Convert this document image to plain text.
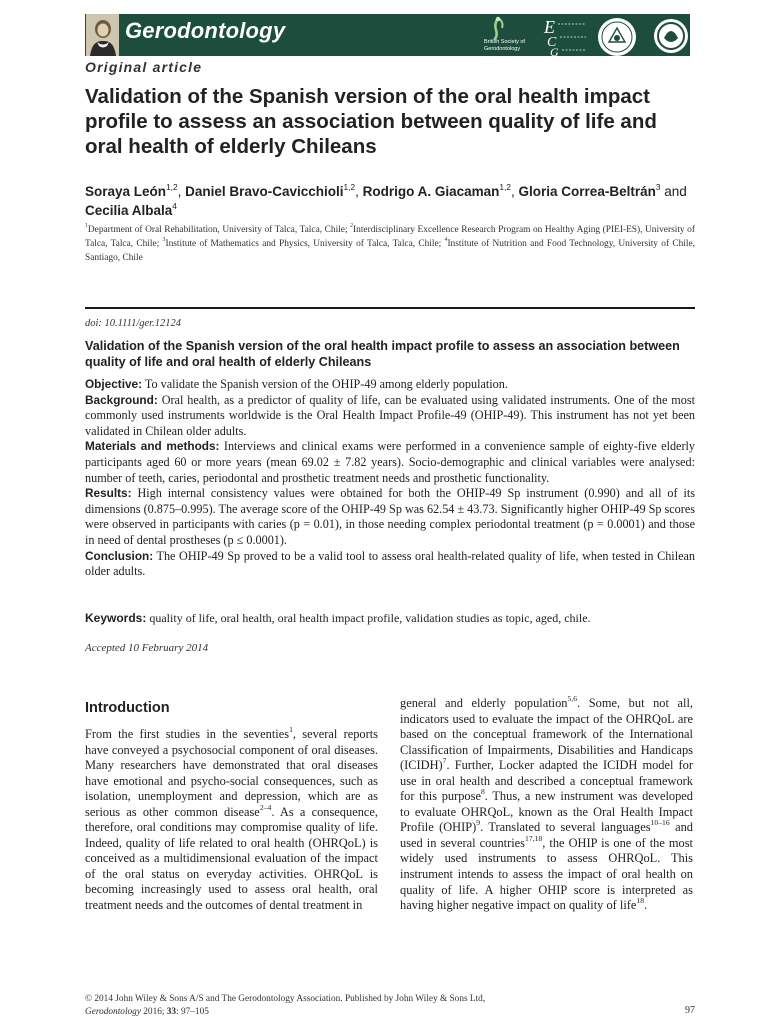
Gerodontology	British Society of
Gerodontology
E
C
G
Original article
Validation of the Spanish version of the oral health impact profile to assess an association between quality of life and oral health of elderly Chileans
Soraya León$^{1,2}$, Daniel Bravo-Cavicchioli$^{1,2}$, Rodrigo A. Giacaman$^{1,2}$, Gloria Correa-Beltrán$^3$ and Cecilia Albala$^4$
$^1$Department of Oral Rehabilitation, University of Talca, Talca, Chile; $^2$Interdisciplinary Excellence Research Program on Healthy Aging (PIEI-ES), University of Talca, Talca, Chile; $^3$Institute of Mathematics and Physics, University of Talca, Talca, Chile; $^4$Institute of Nutrition and Food Technology, University of Chile, Santiago, Chile
doi: 10.1111/ger.12124
Validation of the Spanish version of the oral health impact profile to assess an association between quality of life and oral health of elderly Chileans

Objective: To validate the Spanish version of the OHIP-49 among elderly population.

Background: Oral health, as a predictor of quality of life, can be evaluated using validated instruments. One of the most commonly used instruments worldwide is the Oral Health Impact Profile-49 (OHIP-49). This instrument has not yet been validated in Chilean older adults.

Materials and methods: Interviews and clinical exams were performed in a convenience sample of eighty-five elderly participants aged 60 or more years (mean 69.02 ± 7.82 years). Socio-demographic and clinical variables were analysed: number of teeth, caries, periodontal and prosthetic treatment needs and prosthetic functionality.

Results: High internal consistency values were obtained for both the OHIP-49 Sp instrument (0.990) and all of its dimensions (0.875–0.995). The average score of the OHIP-49 Sp was 62.54 ± 43.73. Significantly higher OHIP-49 Sp scores were observed in participants with caries (p = 0.01), in those needing complex periodontal treatment (p = 0.0001) and those in need of dental prostheses (p ≤ 0.0001).

Conclusion: The OHIP-49 Sp proved to be a valid tool to assess oral health-related quality of life, when tested in Chilean older adults.

Keywords: quality of life, oral health, oral health impact profile, validation studies as topic, aged, chile.
Accepted 10 February 2014
Introduction
From the first studies in the seventies$^1$, several reports have conveyed a psychosocial component of oral diseases. Many researchers have demonstrated that oral diseases have emotional and psycho-social consequences, such as isolation, unemployment and depression, which are as serious as other common disease$^{2-4}$. As a consequence, therefore, oral conditions may compromise quality of life. Indeed, quality of life related to oral health (OHRQoL) is conceived as a multidimensional evaluation of the impact of the oral status on everyday activities. OHRQoL is becoming increasingly used to assess oral health, oral treatment needs and the outcomes of dental treatment in
general and elderly population$^{5,6}$. Some, but not all, indicators used to evaluate the impact of the OHRQoL are based on the conceptual framework of the International Classification of Impairments, Disabilities and Handicaps (ICIDH)$^7$. Further, Locker adapted the ICIDH model for use in oral health and described a conceptual framework for this purpose$^8$. Thus, a new instrument was developed to evaluate OHRQoL, known as the Oral Health Impact Profile (OHIP)$^9$. Translated to several languages$^{10-16}$ and used in several countries$^{17,18}$, the OHIP is one of the most widely used instruments to assess OHRQoL. This instrument intends to assess the impact of oral health on quality of life. A higher OHIP score is interpreted as having higher negative impact on quality of life$^{18}$.
© 2014 John Wiley & Sons A/S and The Gerodontology Association. Published by John Wiley & Sons Ltd,
Gerodontology 2016; 33: 97–105	97
